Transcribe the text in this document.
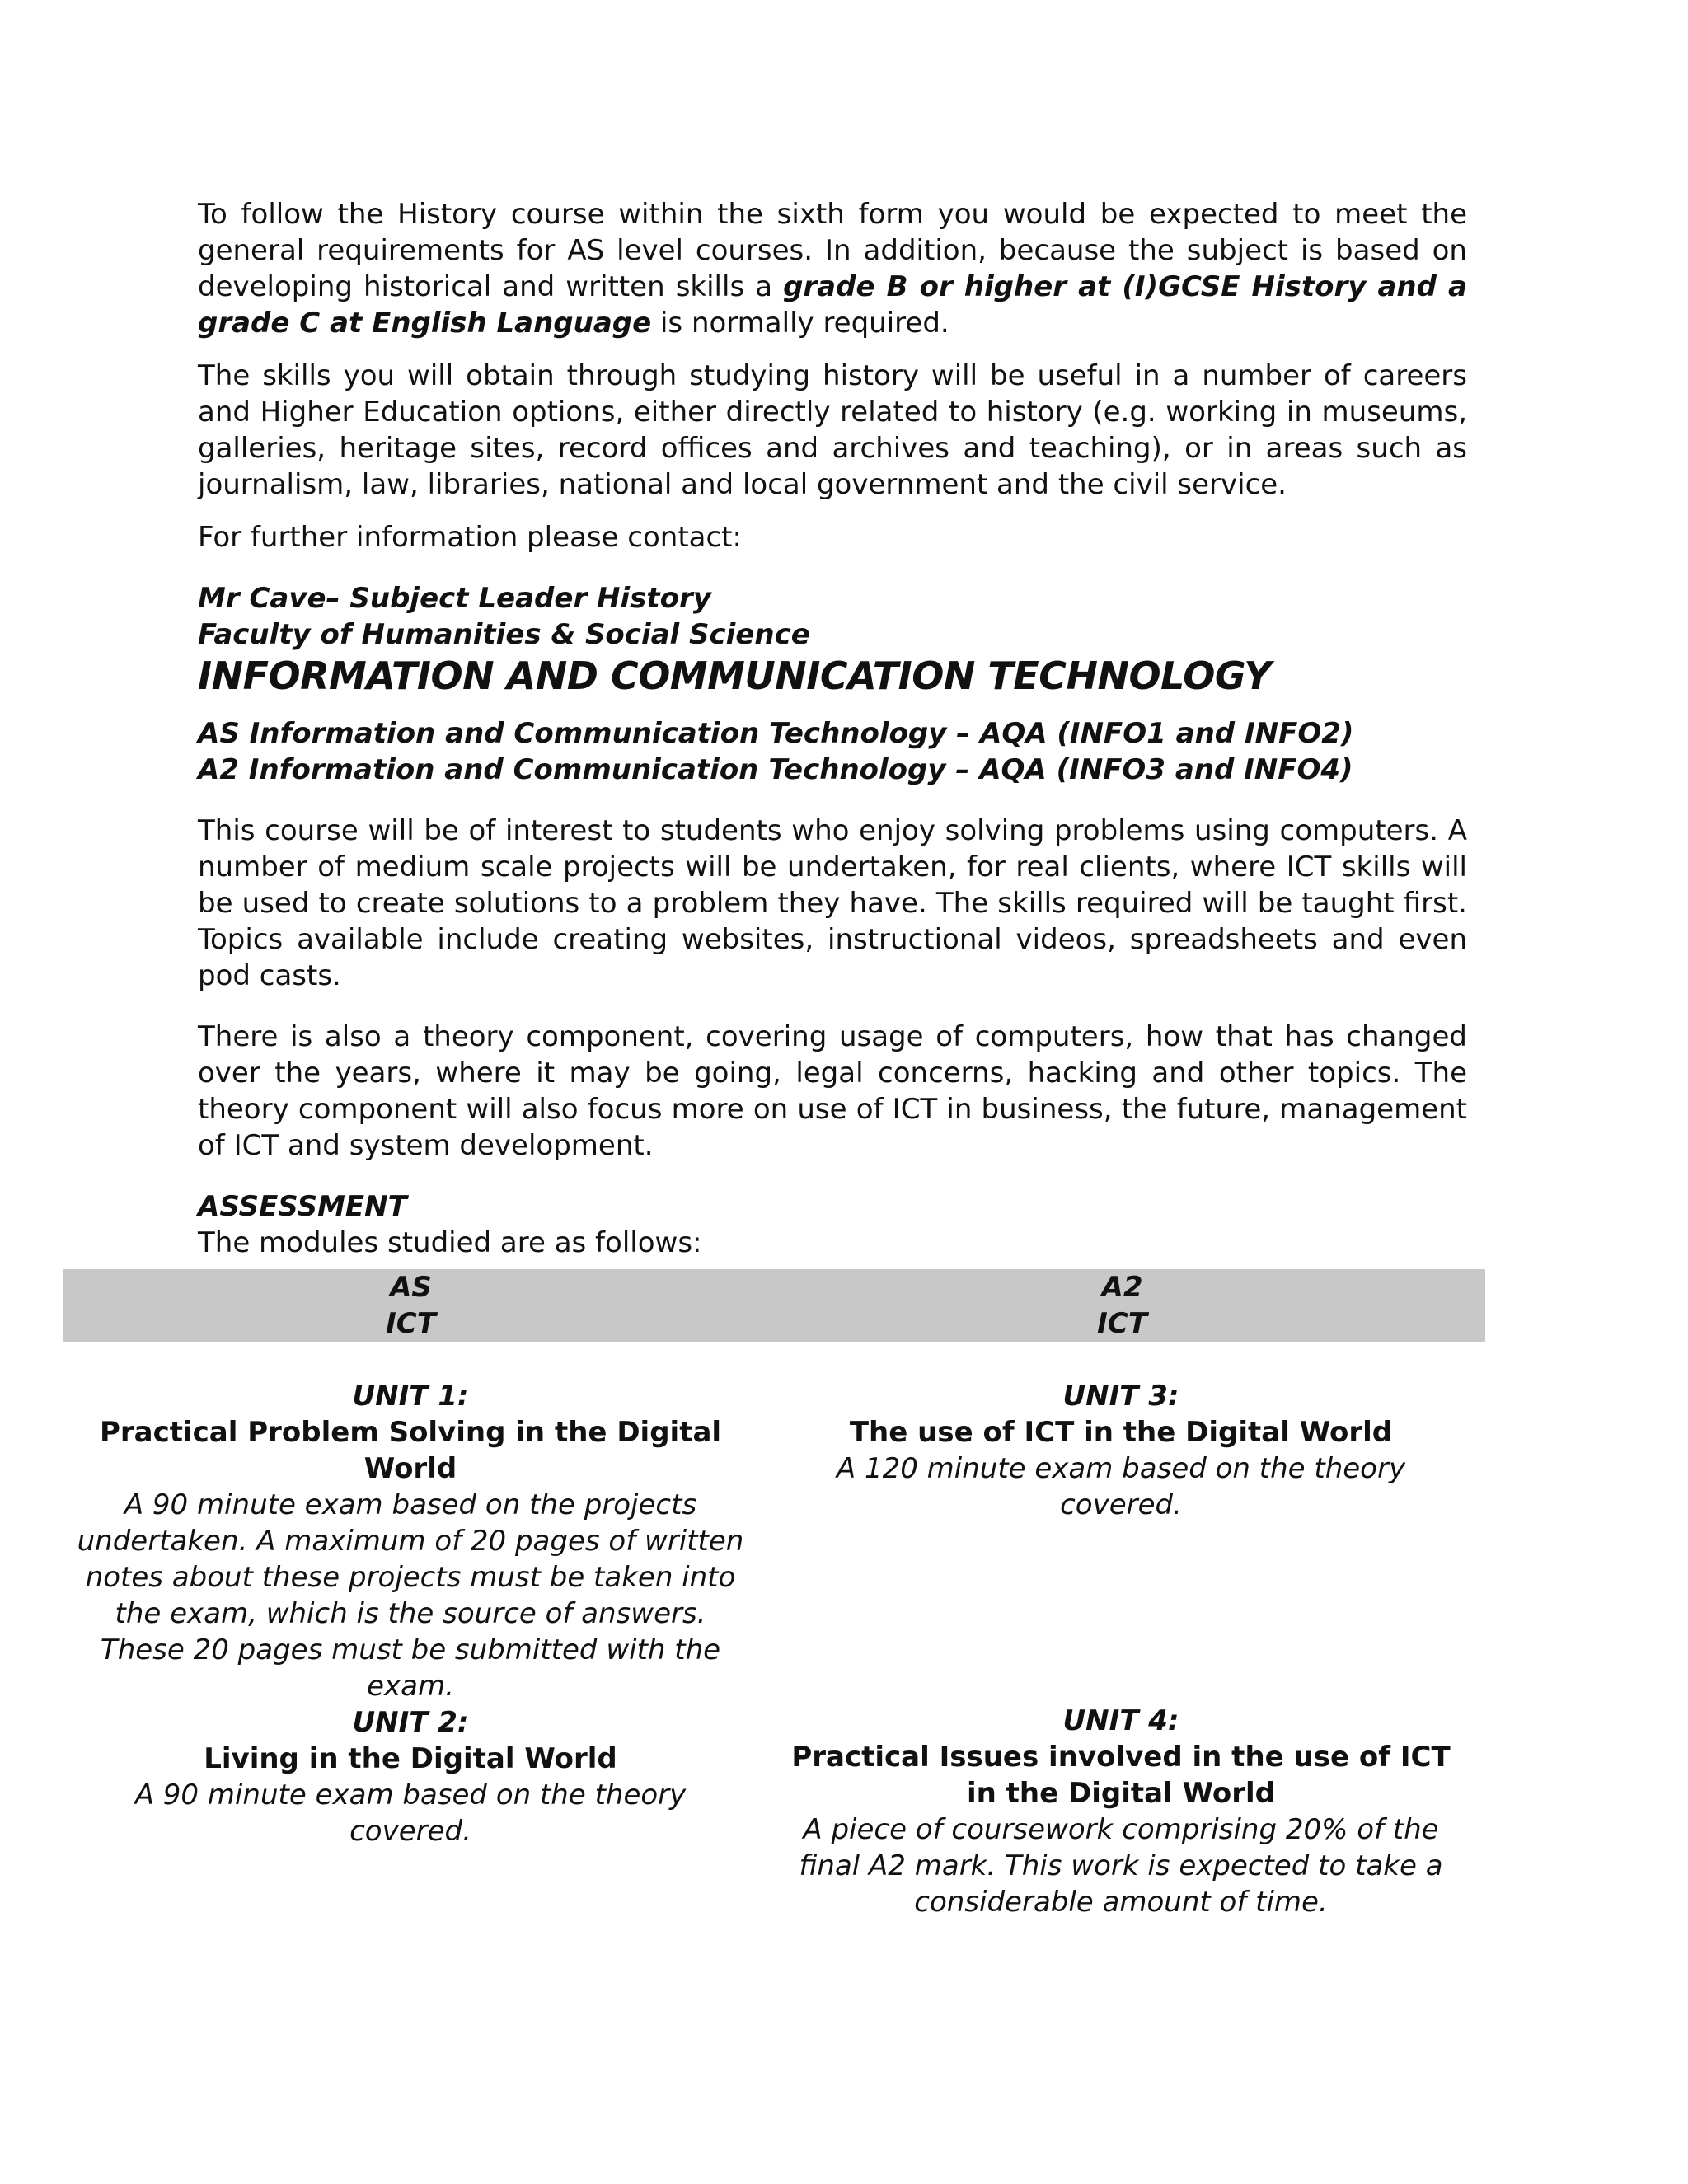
To follow the History course within the sixth form you would be expected to meet the general requirements for AS level courses. In addition, because the subject is based on developing historical and written skills a grade B or higher at (I)GCSE History and a grade C at English Language is normally required.

The skills you will obtain through studying history will be useful in a number of careers and Higher Education options, either directly related to history (e.g. working in museums, galleries, heritage sites, record offices and archives and teaching), or in areas such as journalism, law, libraries, national and local government and the civil service.

For further information please contact:

Mr Cave– Subject Leader History
Faculty of Humanities & Social Science
INFORMATION AND COMMUNICATION TECHNOLOGY
AS Information and Communication Technology – AQA (INFO1 and INFO2)
A2 Information and Communication Technology – AQA (INFO3 and INFO4)

This course will be of interest to students who enjoy solving problems using computers. A number of medium scale projects will be undertaken, for real clients, where ICT skills will be used to create solutions to a problem they have. The skills required will be taught first. Topics available include creating websites, instructional videos, spreadsheets and even pod casts.

There is also a theory component, covering usage of computers, how that has changed over the years, where it may be going, legal concerns, hacking and other topics. The theory component will also focus more on use of ICT in business, the future, management of ICT and system development.

ASSESSMENT

The modules studied are as follows:

AS
ICT
A2
ICT
UNIT 1:
Practical Problem Solving in the Digital World
A 90 minute exam based on the projects undertaken. A maximum of 20 pages of written notes about these projects must be taken into the exam, which is the source of answers. These 20 pages must be submitted with the exam.
UNIT 2:
Living in the Digital World
A 90 minute exam based on the theory covered.
UNIT 3:
The use of ICT in the Digital World
A 120 minute exam based on the theory covered.
UNIT 4:
Practical Issues involved in the use of ICT in the Digital World
A piece of coursework comprising 20% of the final A2 mark. This work is expected to take a considerable amount of time.
